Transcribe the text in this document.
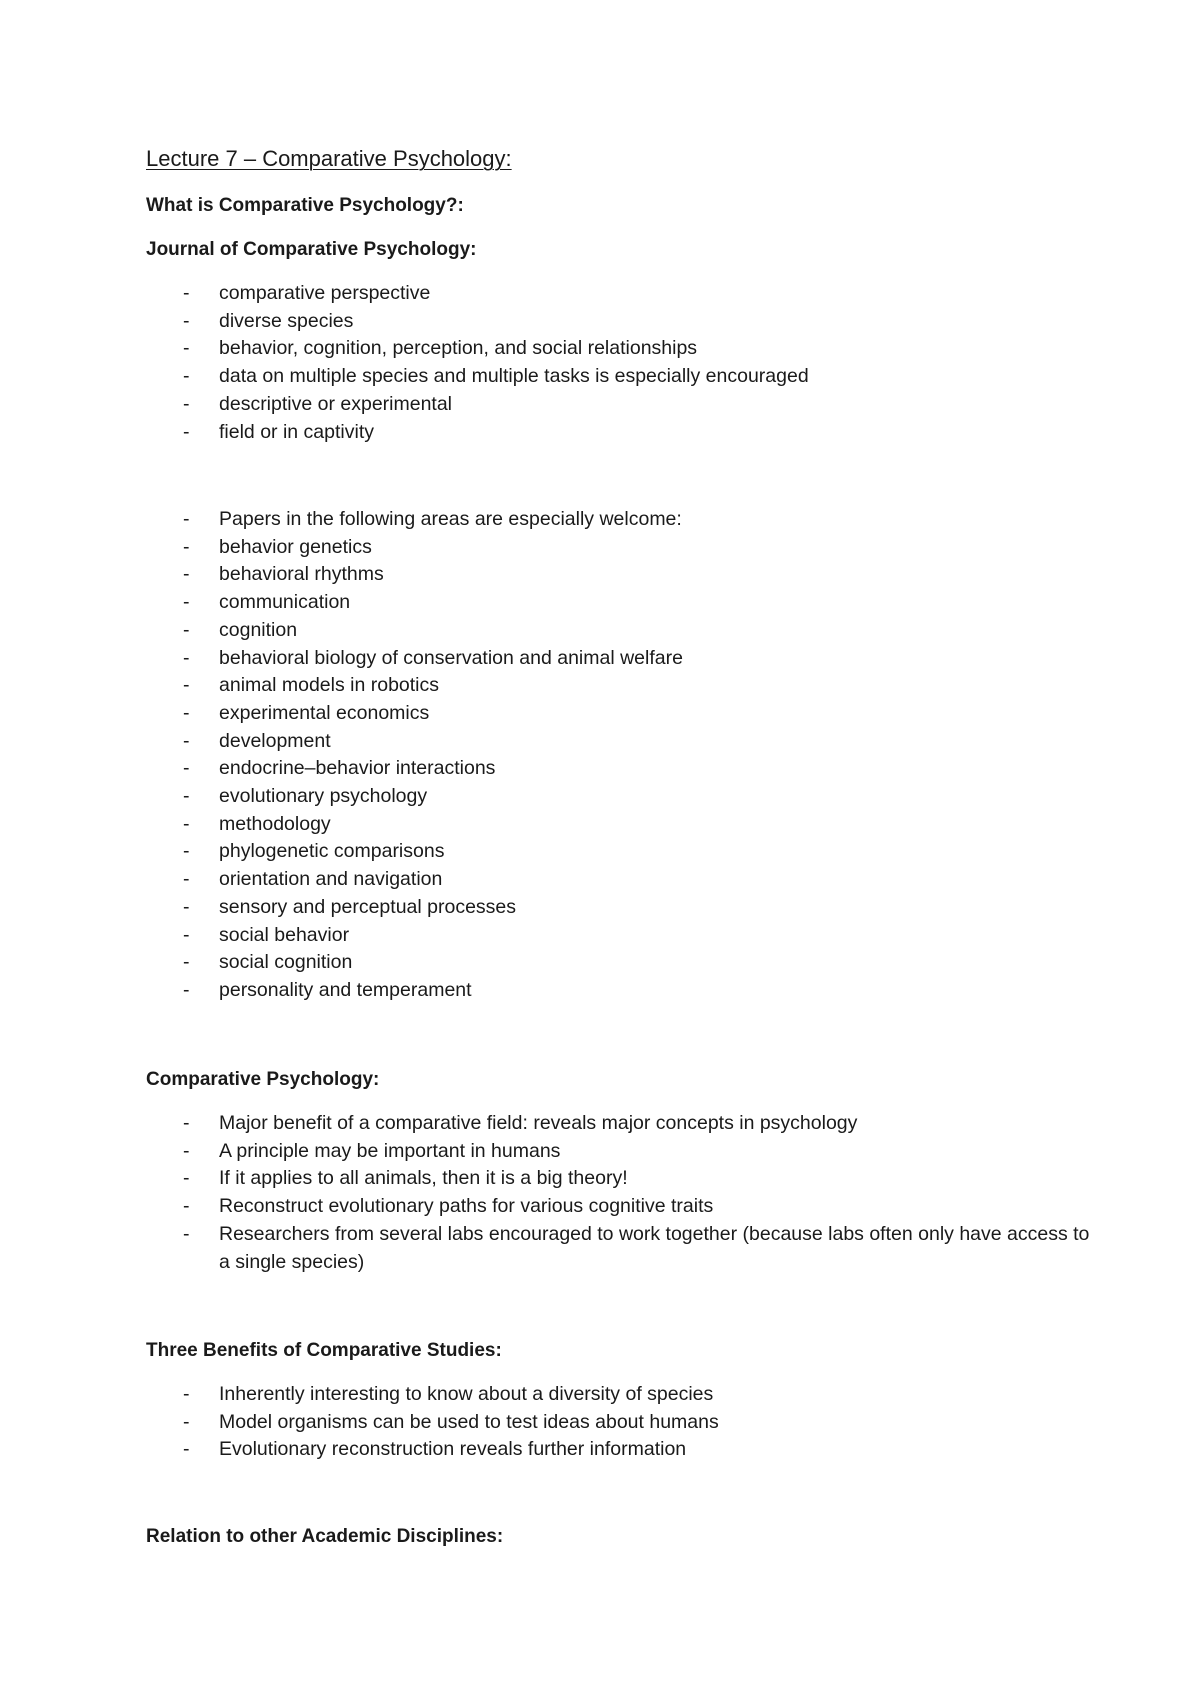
Lecture 7 – Comparative Psychology:
What is Comparative Psychology?:
Journal of Comparative Psychology:
- comparative perspective
- diverse species
- behavior, cognition, perception, and social relationships
- data on multiple species and multiple tasks is especially encouraged
- descriptive or experimental
- field or in captivity
- Papers in the following areas are especially welcome:
- behavior genetics
- behavioral rhythms
- communication
- cognition
- behavioral biology of conservation and animal welfare
- animal models in robotics
- experimental economics
- development
- endocrine–behavior interactions
- evolutionary psychology
- methodology
- phylogenetic comparisons
- orientation and navigation
- sensory and perceptual processes
- social behavior
- social cognition
- personality and temperament
Comparative Psychology:
- Major benefit of a comparative field: reveals major concepts in psychology
- A principle may be important in humans
- If it applies to all animals, then it is a big theory!
- Reconstruct evolutionary paths for various cognitive traits
- Researchers from several labs encouraged to work together (because labs often only have access to a single species)
Three Benefits of Comparative Studies:
- Inherently interesting to know about a diversity of species
- Model organisms can be used to test ideas about humans
- Evolutionary reconstruction reveals further information
Relation to other Academic Disciplines:
